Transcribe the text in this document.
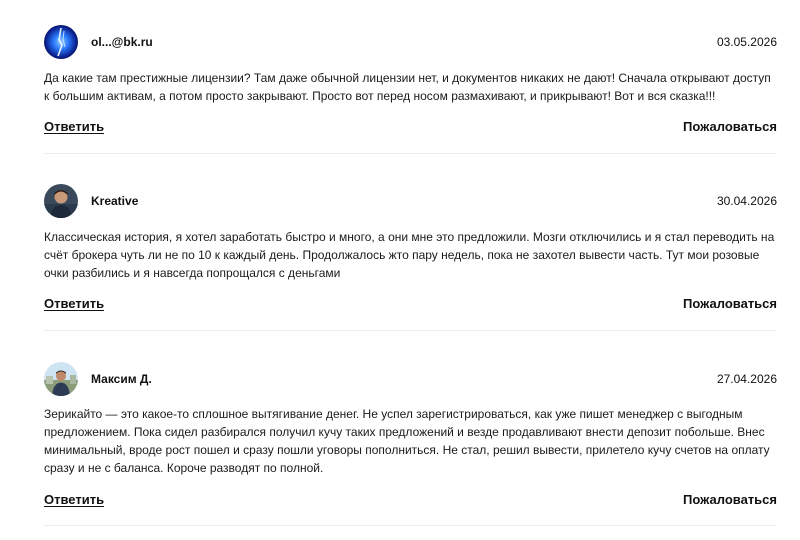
ol...@bk.ru	03.05.2026

Да какие там престижные лицензии? Там даже обычной лицензии нет, и документов никаких не дают! Сначала открывают доступ к большим активам, а потом просто закрывают. Просто вот перед носом размахивают, и прикрывают! Вот и вся сказка!!!

Ответить	Пожаловаться
Kreative	30.04.2026

Классическая история, я хотел заработать быстро и много, а они мне это предложили. Мозги отключились и я стал переводить на счёт брокера чуть ли не по 10 к каждый день. Продолжалось жто пару недель, пока не захотел вывести часть. Тут мои розовые очки разбились и я навсегда попрощался с деньгами

Ответить	Пожаловаться
Максим Д.	27.04.2026

Зерикайто — это какое-то сплошное вытягивание денег. Не успел зарегистрироваться, как уже пишет менеджер с выгодным предложением. Пока сидел разбирался получил кучу таких предложений и везде продавливают внести депозит побольше. Внес минимальный, вроде рост пошел и сразу пошли уговоры пополниться. Не стал, решил вывести, прилетело кучу счетов на оплату сразу и не с баланса. Короче разводят по полной.

Ответить	Пожаловаться
